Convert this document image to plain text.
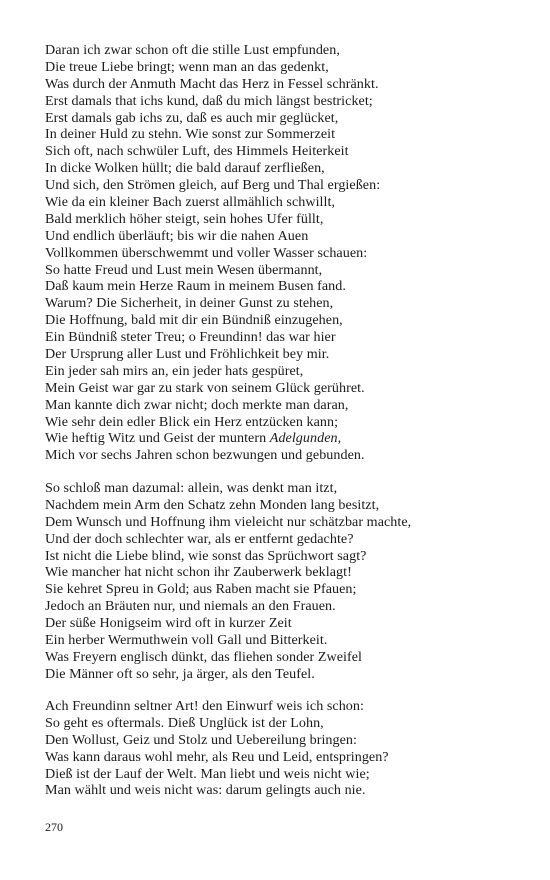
Daran ich zwar schon oft die stille Lust empfunden,
Die treue Liebe bringt; wenn man an das gedenkt,
Was durch der Anmuth Macht das Herz in Fessel schränkt.
Erst damals that ichs kund, daß du mich längst bestricket;
Erst damals gab ichs zu, daß es auch mir geglücket,
In deiner Huld zu stehn. Wie sonst zur Sommerzeit
Sich oft, nach schwüler Luft, des Himmels Heiterkeit
In dicke Wolken hüllt; die bald darauf zerfließen,
Und sich, den Strömen gleich, auf Berg und Thal ergießen:
Wie da ein kleiner Bach zuerst allmählich schwillt,
Bald merklich höher steigt, sein hohes Ufer füllt,
Und endlich überläuft; bis wir die nahen Auen
Vollkommen überschwemmt und voller Wasser schauen:
So hatte Freud und Lust mein Wesen übermannt,
Daß kaum mein Herze Raum in meinem Busen fand.
Warum? Die Sicherheit, in deiner Gunst zu stehen,
Die Hoffnung, bald mit dir ein Bündniß einzugehen,
Ein Bündniß steter Treu; o Freundinn! das war hier
Der Ursprung aller Lust und Fröhlichkeit bey mir.
Ein jeder sah mirs an, ein jeder hats gespüret,
Mein Geist war gar zu stark von seinem Glück gerühret.
Man kannte dich zwar nicht; doch merkte man daran,
Wie sehr dein edler Blick ein Herz entzücken kann;
Wie heftig Witz und Geist der muntern Adelgunden,
Mich vor sechs Jahren schon bezwungen und gebunden.
So schloß man dazumal: allein, was denkt man itzt,
Nachdem mein Arm den Schatz zehn Monden lang besitzt,
Dem Wunsch und Hoffnung ihm vieleicht nur schätzbar machte,
Und der doch schlechter war, als er entfernt gedachte?
Ist nicht die Liebe blind, wie sonst das Sprüchwort sagt?
Wie mancher hat nicht schon ihr Zauberwerk beklagt!
Sie kehret Spreu in Gold; aus Raben macht sie Pfauen;
Jedoch an Bräuten nur, und niemals an den Frauen.
Der süße Honigseim wird oft in kurzer Zeit
Ein herber Wermuthwein voll Gall und Bitterkeit.
Was Freyern englisch dünkt, das fliehen sonder Zweifel
Die Männer oft so sehr, ja ärger, als den Teufel.
Ach Freundinn seltner Art! den Einwurf weis ich schon:
So geht es oftermals. Dieß Unglück ist der Lohn,
Den Wollust, Geiz und Stolz und Uebereilung bringen:
Was kann daraus wohl mehr, als Reu und Leid, entspringen?
Dieß ist der Lauf der Welt. Man liebt und weis nicht wie;
Man wählt und weis nicht was: darum gelingts auch nie.
270
